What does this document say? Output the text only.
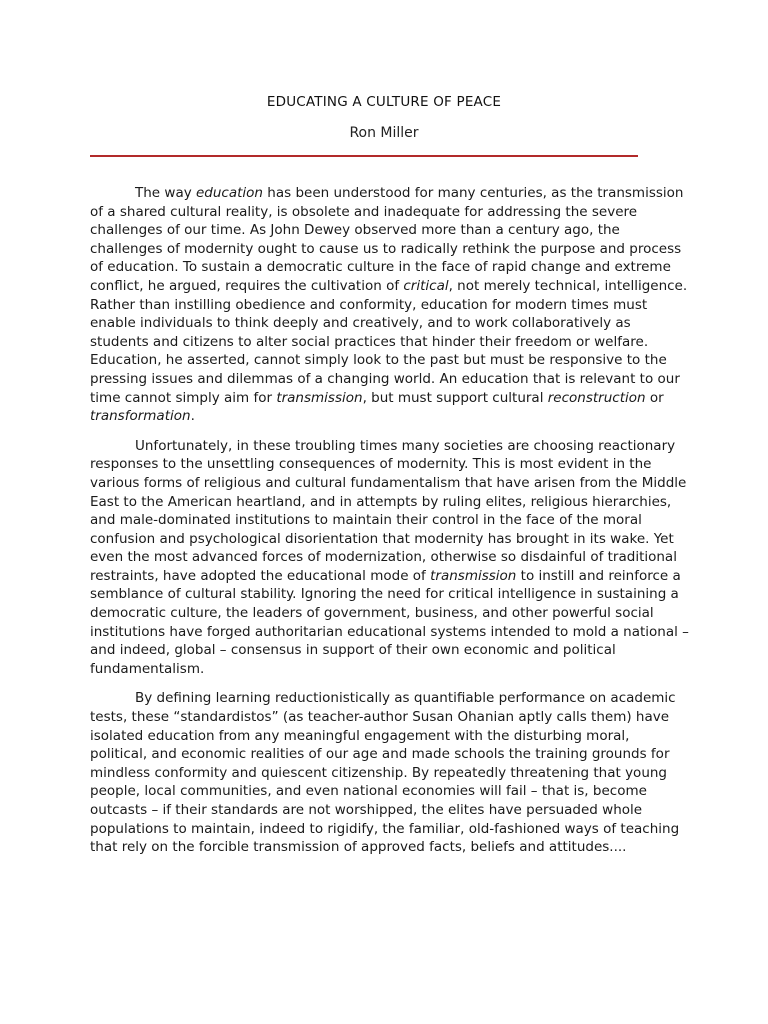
EDUCATING A CULTURE OF PEACE
Ron Miller

The way education has been understood for many centuries, as the transmission of a shared cultural reality, is obsolete and inadequate for addressing the severe challenges of our time. As John Dewey observed more than a century ago, the challenges of modernity ought to cause us to radically rethink the purpose and process of education. To sustain a democratic culture in the face of rapid change and extreme conflict, he argued, requires the cultivation of critical, not merely technical, intelligence. Rather than instilling obedience and conformity, education for modern times must enable individuals to think deeply and creatively, and to work collaboratively as students and citizens to alter social practices that hinder their freedom or welfare. Education, he asserted, cannot simply look to the past but must be responsive to the pressing issues and dilemmas of a changing world. An education that is relevant to our time cannot simply aim for transmission, but must support cultural reconstruction or transformation.

Unfortunately, in these troubling times many societies are choosing reactionary responses to the unsettling consequences of modernity. This is most evident in the various forms of religious and cultural fundamentalism that have arisen from the Middle East to the American heartland, and in attempts by ruling elites, religious hierarchies, and male-dominated institutions to maintain their control in the face of the moral confusion and psychological disorientation that modernity has brought in its wake. Yet even the most advanced forces of modernization, otherwise so disdainful of traditional restraints, have adopted the educational mode of transmission to instill and reinforce a semblance of cultural stability. Ignoring the need for critical intelligence in sustaining a democratic culture, the leaders of government, business, and other powerful social institutions have forged authoritarian educational systems intended to mold a national – and indeed, global – consensus in support of their own economic and political fundamentalism.

By defining learning reductionistically as quantifiable performance on academic tests, these “standardistos” (as teacher-author Susan Ohanian aptly calls them) have isolated education from any meaningful engagement with the disturbing moral, political, and economic realities of our age and made schools the training grounds for mindless conformity and quiescent citizenship. By repeatedly threatening that young people, local communities, and even national economies will fail – that is, become outcasts – if their standards are not worshipped, the elites have persuaded whole populations to maintain, indeed to rigidify, the familiar, old-fashioned ways of teaching that rely on the forcible transmission of approved facts, beliefs and attitudes....
